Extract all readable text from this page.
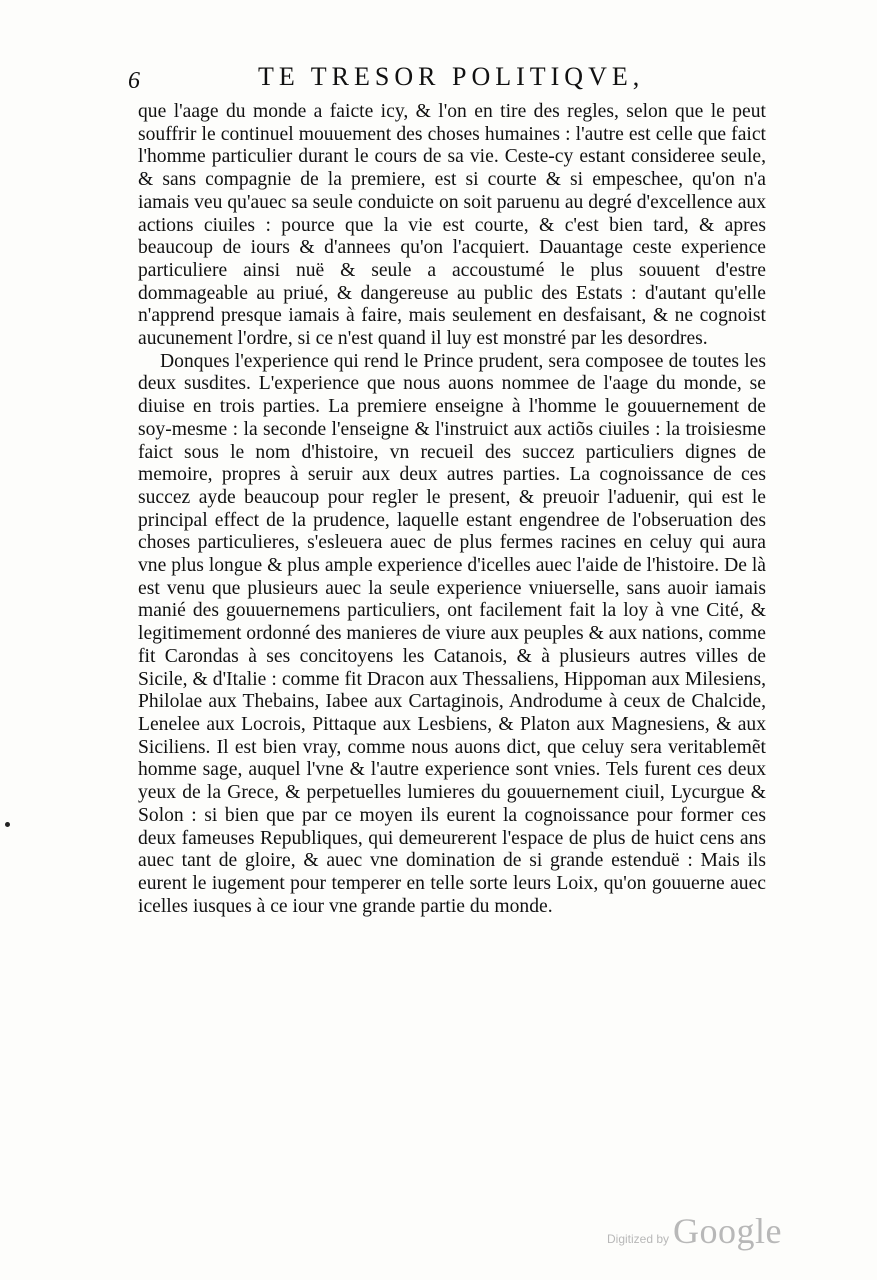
6	TE TRESOR POLITIQVE,

que l'aage du monde a faicte icy, & l'on en tire des regles, selon que le peut souffrir le continuel mouuement des choses humaines : l'autre est celle que faict l'homme particulier durant le cours de sa vie. Ceste-cy estant consideree seule, & sans compagnie de la premiere, est si courte & si empeschee, qu'on n'a iamais veu qu'auec sa seule conduicte on soit paruenu au degré d'excellence aux actions ciuiles : pource que la vie est courte, & c'est bien tard, & apres beaucoup de iours & d'annees qu'on l'acquiert. Dauantage ceste experience particuliere ainsi nuë & seule a accoustumé le plus souuent d'estre dommageable au priué, & dangereuse au public des Estats : d'autant qu'elle n'apprend presque iamais à faire, mais seulement en desfaisant, & ne cognoist aucunement l'ordre, si ce n'est quand il luy est monstré par les desordres.

Donques l'experience qui rend le Prince prudent, sera composee de toutes les deux susdites. L'experience que nous auons nommee de l'aage du monde, se diuise en trois parties. La premiere enseigne à l'homme le gouuernement de soy-mesme : la seconde l'enseigne & l'instruict aux actiõs ciuiles : la troisiesme faict sous le nom d'histoire, vn recueil des succez particuliers dignes de memoire, propres à seruir aux deux autres parties. La cognoissance de ces succez ayde beaucoup pour regler le present, & preuoir l'aduenir, qui est le principal effect de la prudence, laquelle estant engendree de l'obseruation des choses particulieres, s'esleuera auec de plus fermes racines en celuy qui aura vne plus longue & plus ample experience d'icelles auec l'aide de l'histoire. De là est venu que plusieurs auec la seule experience vniuerselle, sans auoir iamais manié des gouuernemens particuliers, ont facilement fait la loy à vne Cité, & legitimement ordonné des manieres de viure aux peuples & aux nations, comme fit Carondas à ses concitoyens les Catanois, & à plusieurs autres villes de Sicile, & d'Italie : comme fit Dracon aux Thessaliens, Hippoman aux Milesiens, Philolae aux Thebains, Iabee aux Cartaginois, Androdume à ceux de Chalcide, Lenelee aux Locrois, Pittaque aux Lesbiens, & Platon aux Magnesiens, & aux Siciliens. Il est bien vray, comme nous auons dict, que celuy sera veritablemẽt homme sage, auquel l'vne & l'autre experience sont vnies. Tels furent ces deux yeux de la Grece, & perpetuelles lumieres du gouuernement ciuil, Lycurgue & Solon : si bien que par ce moyen ils eurent la cognoissance pour former ces deux fameuses Republiques, qui demeurerent l'espace de plus de huict cens ans auec tant de gloire, & auec vne domination de si grande estenduë : Mais ils eurent le iugement pour temperer en telle sorte leurs Loix, qu'on gouuerne auec icelles iusques à ce iour vne grande partie du monde.

Digitized by Google
